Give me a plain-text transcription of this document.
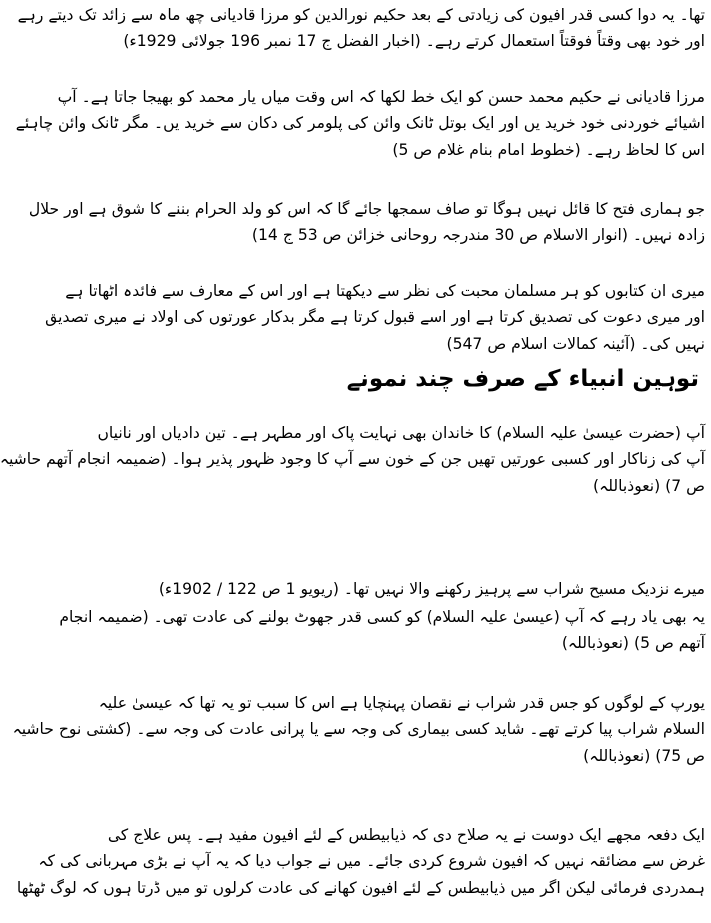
تھا۔ یہ دوا کسی قدر افیون کی زیادتی کے بعد حکیم نورالدین کو مرزا قادیانی چھ ماہ سے زائد تک دیتے رہے
اور خود بھی وقتاً فوقتاً استعمال کرتے رہے۔ (اخبار الفضل ج 17 نمبر 196 جولائی 1929ء)
مرزا قادیانی نے حکیم محمد حسن کو ایک خط لکھا کہ اس وقت میاں یار محمد کو بھیجا جاتا ہے۔ آپ
اشیائے خوردنی خود خرید یں اور ایک بوتل ٹانک وائن کی پلومر کی دکان سے خرید یں۔ مگر ٹانک وائن چاہئے
اس کا لحاظ رہے۔ (خطوط امام بنام غلام ص 5)
جو ہماری فتح کا قائل نہیں ہوگا تو صاف سمجھا جائے گا کہ اس کو ولد الحرام بننے کا شوق ہے اور حلال
زادہ نہیں۔ (انوار الاسلام ص 30 مندرجہ روحانی خزائن ص 53 ج 14)
میری ان کتابوں کو ہر مسلمان محبت کی نظر سے دیکھتا ہے اور اس کے معارف سے فائدہ اٹھاتا ہے
اور میری دعوت کی تصدیق کرتا ہے اور اسے قبول کرتا ہے مگر بدکار عورتوں کی اولاد نے میری تصدیق
نہیں کی۔ (آئینہ کمالات اسلام ص 547)
توہین انبیاء کے صرف چند نمونے
آپ (حضرت عیسیٰ علیہ السلام) کا خاندان بھی نہایت پاک اور مطہر ہے۔ تین دادیاں اور نانیاں
آپ کی زناکار اور کسبی عورتیں تھیں جن کے خون سے آپ کا وجود ظہور پذیر ہوا۔ (ضمیمہ انجام آتھم حاشیہ
ص 7) (نعوذباللہ)
میرے نزدیک مسیح شراب سے پرہیز رکھنے والا نہیں تھا۔ (ریویو 1 ص 122 / 1902ء)
یہ بھی یاد رہے کہ آپ (عیسیٰ علیہ السلام) کو کسی قدر جھوٹ بولنے کی عادت تھی۔ (ضمیمہ انجام
آتھم ص 5) (نعوذباللہ)
یورپ کے لوگوں کو جس قدر شراب نے نقصان پہنچایا ہے اس کا سبب تو یہ تھا کہ عیسیٰ علیہ
السلام شراب پیا کرتے تھے۔ شاید کسی بیماری کی وجہ سے یا پرانی عادت کی وجہ سے۔ (کشتی نوح حاشیہ
ص 75) (نعوذباللہ)
ایک دفعہ مجھے ایک دوست نے یہ صلاح دی کہ ذیابیطس کے لئے افیون مفید ہے۔ پس علاج کی
غرض سے مضائقہ نہیں کہ افیون شروع کردی جائے۔ میں نے جواب دیا کہ یہ آپ نے بڑی مہربانی کی کہ
ہمدردی فرمائی لیکن اگر میں ذیابیطس کے لئے افیون کھانے کی عادت کرلوں تو میں ڈرتا ہوں کہ لوگ ٹھٹھا
